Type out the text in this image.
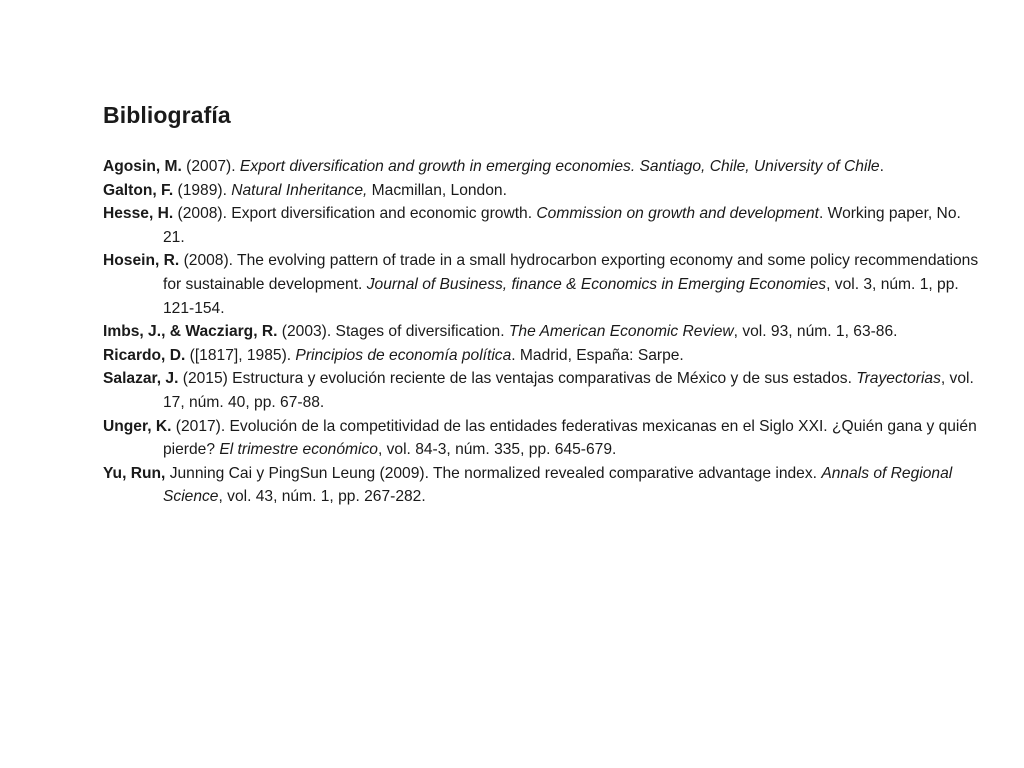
Bibliografía
Agosin, M. (2007). Export diversification and growth in emerging economies. Santiago, Chile, University of Chile.
Galton, F. (1989). Natural Inheritance, Macmillan, London.
Hesse, H. (2008). Export diversification and economic growth. Commission on growth and development. Working paper, No. 21.
Hosein, R. (2008). The evolving pattern of trade in a small hydrocarbon exporting economy and some policy recommendations for sustainable development. Journal of Business, finance & Economics in Emerging Economies, vol. 3, núm. 1, pp. 121-154.
Imbs, J., & Wacziarg, R. (2003). Stages of diversification. The American Economic Review, vol. 93, núm. 1, 63-86.
Ricardo, D. ([1817], 1985). Principios de economía política. Madrid, España: Sarpe.
Salazar, J. (2015) Estructura y evolución reciente de las ventajas comparativas de México y de sus estados. Trayectorias, vol. 17, núm. 40, pp. 67-88.
Unger, K. (2017). Evolución de la competitividad de las entidades federativas mexicanas en el Siglo XXI. ¿Quién gana y quién pierde? El trimestre económico, vol. 84-3, núm. 335, pp. 645-679.
Yu, Run, Junning Cai y PingSun Leung (2009). The normalized revealed comparative advantage index. Annals of Regional Science, vol. 43, núm. 1, pp. 267-282.
